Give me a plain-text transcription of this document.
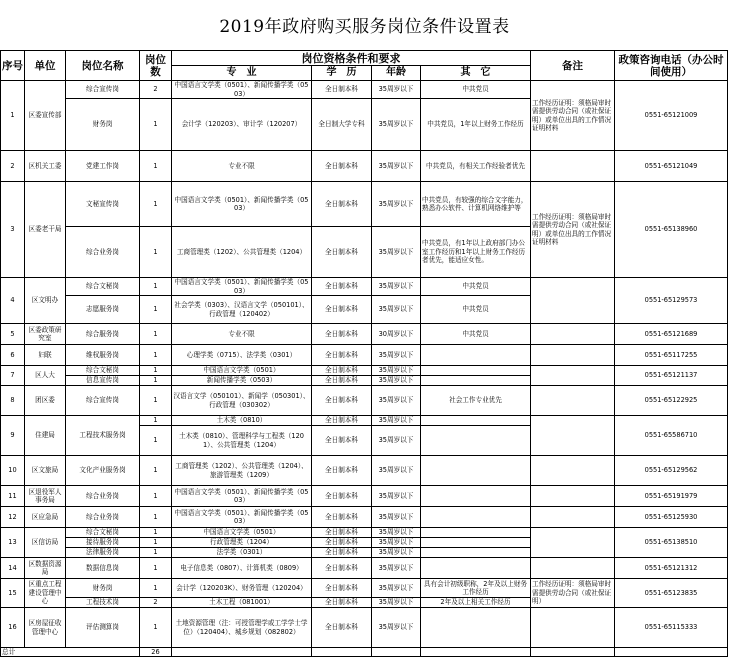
2019年政府购买服务岗位条件设置表
序号	单位	岗位名称	岗位数	岗位资格条件和要求				备注	政策咨询电话（办公时间使用）
				专　业	学　历	年龄	其　它		
1	区委宣传部	综合宣传岗	2	中国语言文学类（0501）、新闻传播学类（0503）	全日制本科	35周岁以下	中共党员	工作经历证明：须格局审时需提供劳动合同（或社保证明）或单位出具的工作情况证明材料	0551-65121009
		财务岗	1	会计学（120203）、审计学（120207）	全日制大学专科	35周岁以下	中共党员，1年以上财务工作经历		
2	区机关工委	党建工作岗	1	专业不限	全日制本科	35周岁以下	中共党员，有相关工作经验者优先		0551-65121049
3	区委老干局	文秘宣传岗	1	中国语言文学类（0501）、新闻传播学类（0503）	全日制本科	35周岁以下	中共党员，有较强的综合文字能力，熟悉办公软件、计算机网络维护等	工作经历证明：须格局审时需提供劳动合同（或社保证明）或单位出具的工作情况证明材料	0551-65138960
		综合业务岗	1	工商管理类（1202）、公共管理类（1204）	全日制本科	35周岁以下	中共党员，有1年以上政府部门办公室工作经历和1年以上财务工作经历者优先，能适应女性。		
4	区文明办	综合文秘岗	1	中国语言文学类（0501）、新闻传播学类（0503）	全日制本科	35周岁以下	中共党员		0551-65129573
		志愿服务岗	1	社会学类（0303）、汉语言文学（050101）、行政管理（120402）	全日制本科	35周岁以下	中共党员		
5	区委政策研究室	综合服务岗	1	专业不限	全日制本科	30周岁以下	中共党员		0551-65121689
6	妇联	维权服务岗	1	心理学类（0715）、法学类（0301）	全日制本科	35周岁以下			0551-65117255
7	区人大	综合文秘岗	1	中国语言文学类（0501）	全日制本科	35周岁以下			0551-65121137
		信息宣传岗	1	新闻传播学类（0503）	全日制本科	35周岁以下			
8	团区委	综合宣传岗	1	汉语言文学（050101）、新闻学（050301）、行政管理（030302）	全日制本科	35周岁以下	社会工作专业优先		0551-65122925
9	住建局	工程技术服务岗	1	土木类（0810）	全日制本科	35周岁以下			0551-65586710
			1	土木类（0810）、管理科学与工程类（1201）、公共管理类（1204）	全日制本科	35周岁以下			
10	区文旅局	文化产业服务岗	1	工商管理类（1202）、公共管理类（1204）、旅游管理类（1209）	全日制本科	35周岁以下			0551-65129562
11	区退役军人事务局	综合业务岗	1	中国语言文学类（0501）、新闻传播学类（0503）	全日制本科	35周岁以下			0551-65191979
12	区应急局	综合业务岗	1	中国语言文学类（0501）、新闻传播学类（0503）	全日制本科	35周岁以下			0551-65125930
13	区信访局	综合文秘岗	1	中国语言文学类（0501）	全日制本科	35周岁以下			0551-65138510
		接待服务岗	1	行政管理类（1204）	全日制本科	35周岁以下			
		法律服务岗	1	法学类（0301）	全日制本科	35周岁以下			
14	区数据资源局	数据信息岗	1	电子信息类（0807）、计算机类（0809）	全日制本科	35周岁以下			0551-65121312
15	区重点工程建设管理中心	财务岗	1	会计学（120203K）、财务管理（120204）	全日制本科	35周岁以下	具有会计初级职称，2年及以上财务工作经历	工作经历证明：须格局审时需提供劳动合同（或社保证明）	0551-65123835
		工程技术岗	2	土木工程（081001）	全日制本科	35周岁以下	2年及以上相关工作经历		
16	区房屋征收管理中心	评估测算岗	1	土地资源管理（注：可授管理学或工学学士学位）（120404）、城乡规划（082802）	全日制本科	35周岁以下			0551-65115333
总计			26						
